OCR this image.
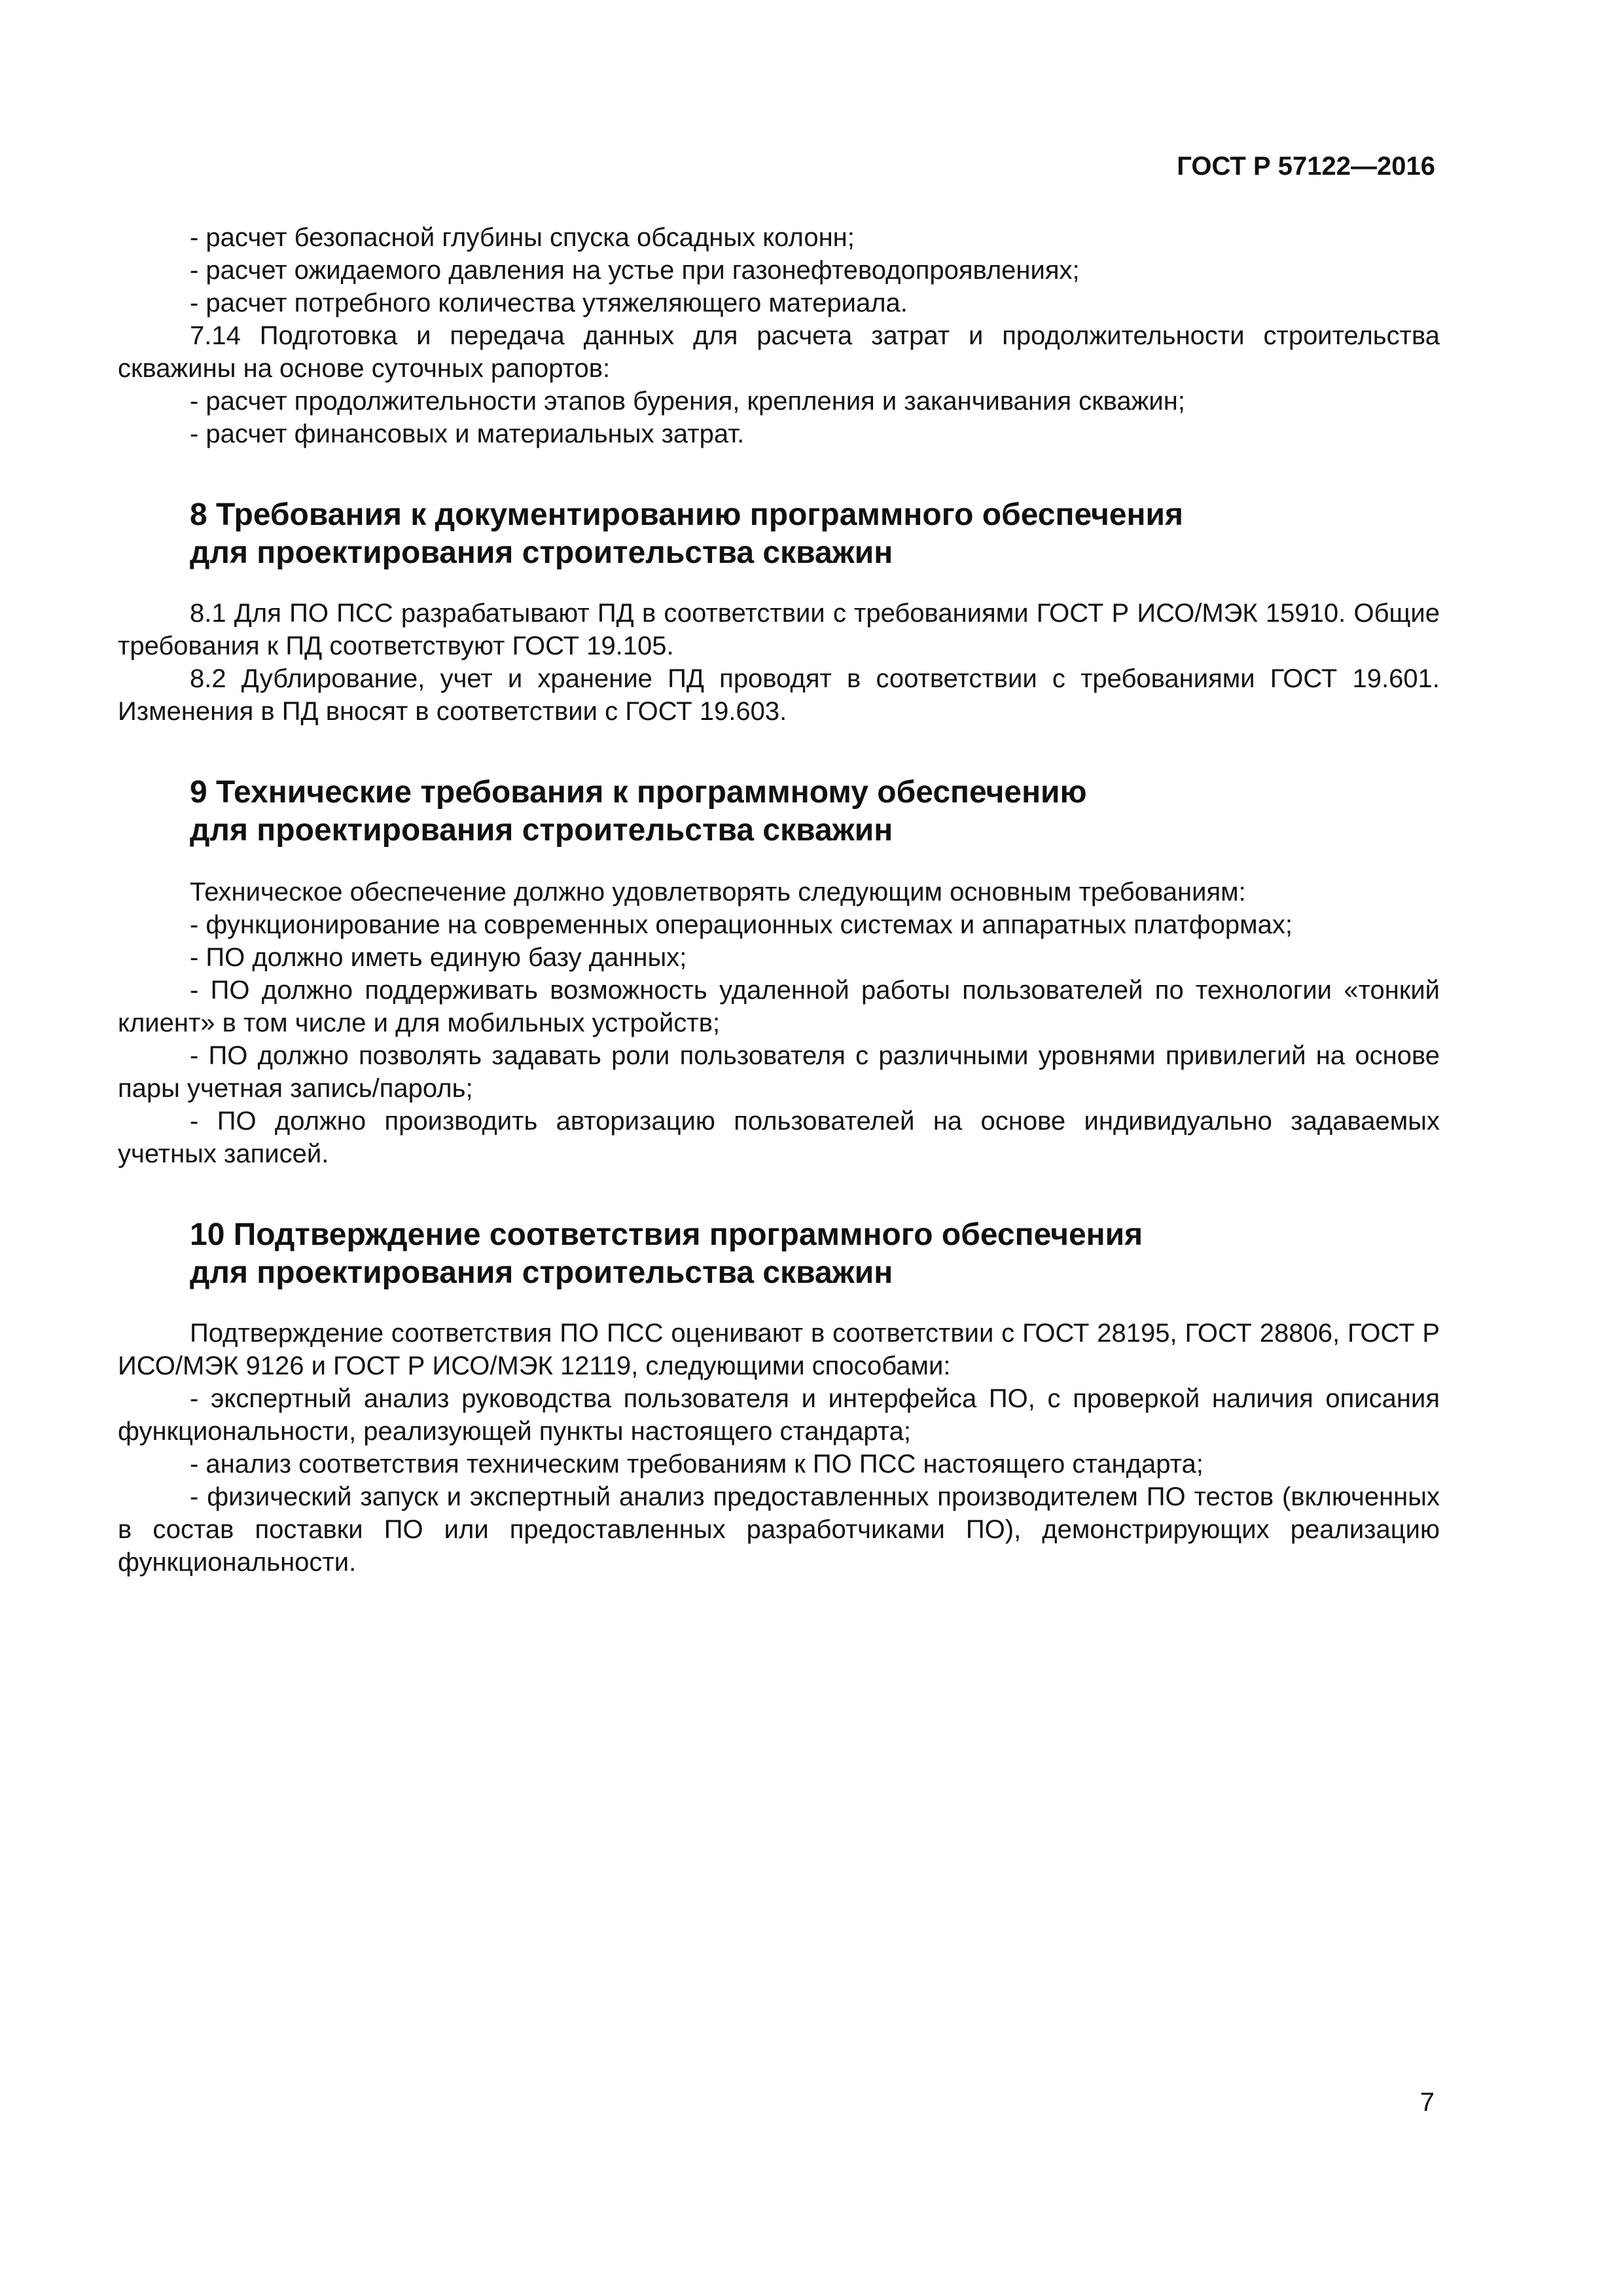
ГОСТ Р 57122—2016

- расчет безопасной глубины спуска обсадных колонн;

- расчет ожидаемого давления на устье при газонефтеводопроявлениях;

- расчет потребного количества утяжеляющего материала.

7.14 Подготовка и передача данных для расчета затрат и продолжительности строительства скважины на основе суточных рапортов:

- расчет продолжительности этапов бурения, крепления и заканчивания скважин;

- расчет финансовых и материальных затрат.

8 Требования к документированию программного обеспечения
для проектирования строительства скважин

8.1 Для ПО ПСС разрабатывают ПД в соответствии с требованиями ГОСТ Р ИСО/МЭК 15910. Общие требования к ПД соответствуют ГОСТ 19.105.

8.2 Дублирование, учет и хранение ПД проводят в соответствии с требованиями ГОСТ 19.601. Изменения в ПД вносят в соответствии с ГОСТ 19.603.

9 Технические требования к программному обеспечению
для проектирования строительства скважин

Техническое обеспечение должно удовлетворять следующим основным требованиям:

- функционирование на современных операционных системах и аппаратных платформах;

- ПО должно иметь единую базу данных;

- ПО должно поддерживать возможность удаленной работы пользователей по технологии «тонкий клиент» в том числе и для мобильных устройств;

- ПО должно позволять задавать роли пользователя с различными уровнями привилегий на основе пары учетная запись/пароль;

- ПО должно производить авторизацию пользователей на основе индивидуально задаваемых учетных записей.

10 Подтверждение соответствия программного обеспечения
для проектирования строительства скважин

Подтверждение соответствия ПО ПСС оценивают в соответствии с ГОСТ 28195, ГОСТ 28806, ГОСТ Р ИСО/МЭК 9126 и ГОСТ Р ИСО/МЭК 12119, следующими способами:

- экспертный анализ руководства пользователя и интерфейса ПО, с проверкой наличия описания функциональности, реализующей пункты настоящего стандарта;

- анализ соответствия техническим требованиям к ПО ПСС настоящего стандарта;

- физический запуск и экспертный анализ предоставленных производителем ПО тестов (включенных в состав поставки ПО или предоставленных разработчиками ПО), демонстрирующих реализацию функциональности.

7
